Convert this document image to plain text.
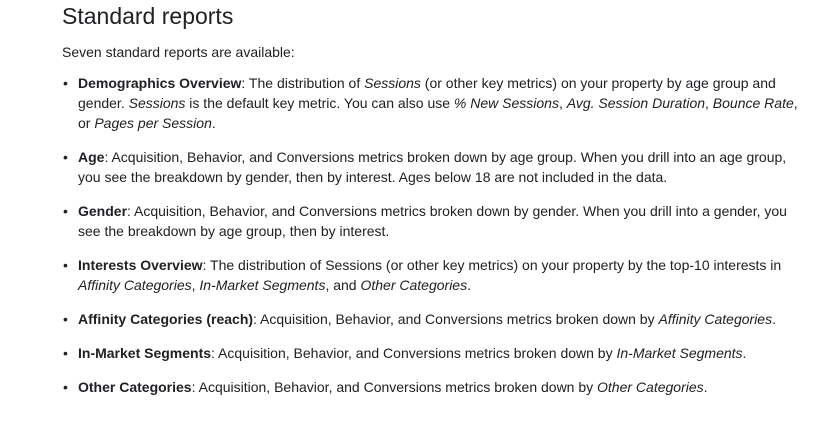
Standard reports

Seven standard reports are available:

• Demographics Overview: The distribution of Sessions (or other key metrics) on your property by age group and gender. Sessions is the default key metric. You can also use % New Sessions, Avg. Session Duration, Bounce Rate, or Pages per Session.
• Age: Acquisition, Behavior, and Conversions metrics broken down by age group. When you drill into an age group, you see the breakdown by gender, then by interest. Ages below 18 are not included in the data.
• Gender: Acquisition, Behavior, and Conversions metrics broken down by gender. When you drill into a gender, you see the breakdown by age group, then by interest.
• Interests Overview: The distribution of Sessions (or other key metrics) on your property by the top-10 interests in Affinity Categories, In-Market Segments, and Other Categories.
• Affinity Categories (reach): Acquisition, Behavior, and Conversions metrics broken down by Affinity Categories.
• In-Market Segments: Acquisition, Behavior, and Conversions metrics broken down by In-Market Segments.
• Other Categories: Acquisition, Behavior, and Conversions metrics broken down by Other Categories.
